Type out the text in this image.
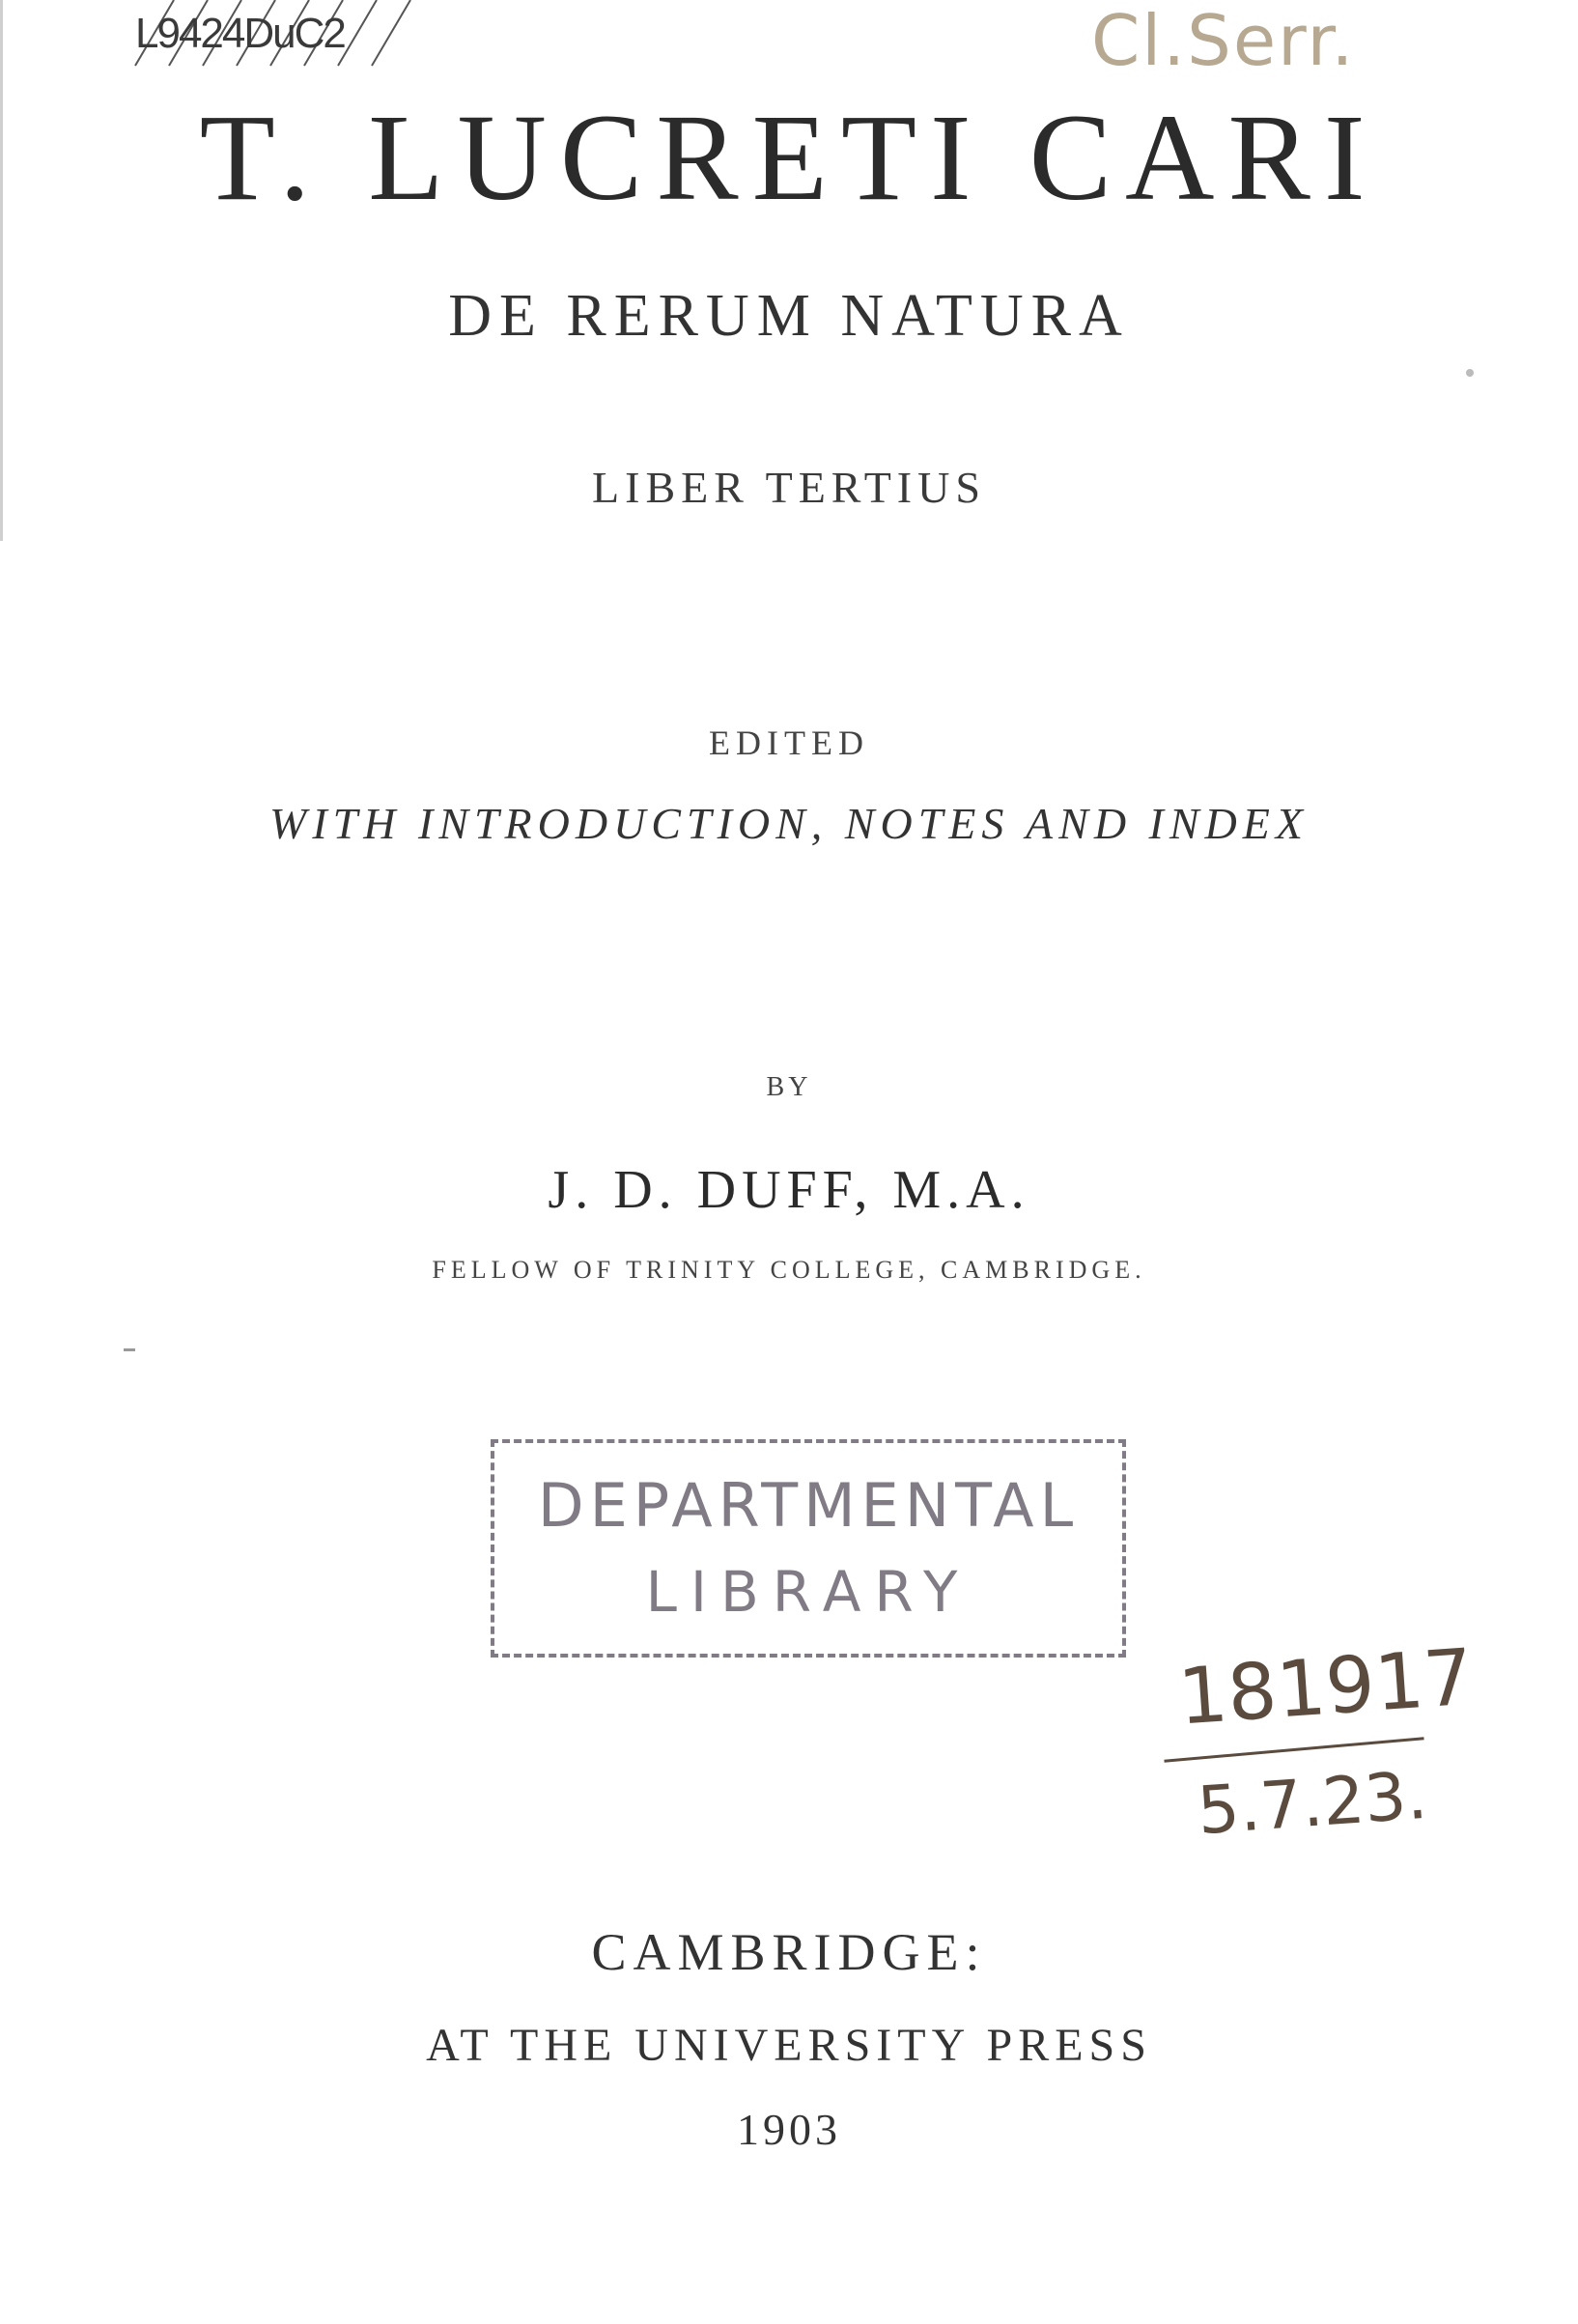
L9424DuC2	Cl.Serr.
T. LUCRETI CARI
DE RERUM NATURA
LIBER TERTIUS
EDITED
WITH INTRODUCTION, NOTES AND INDEX
BY
J. D. DUFF, M.A.
FELLOW OF TRINITY COLLEGE, CAMBRIDGE.
DEPARTMENTAL
LIBRARY
181917
5.7.23.
CAMBRIDGE:
AT THE UNIVERSITY PRESS
1903
